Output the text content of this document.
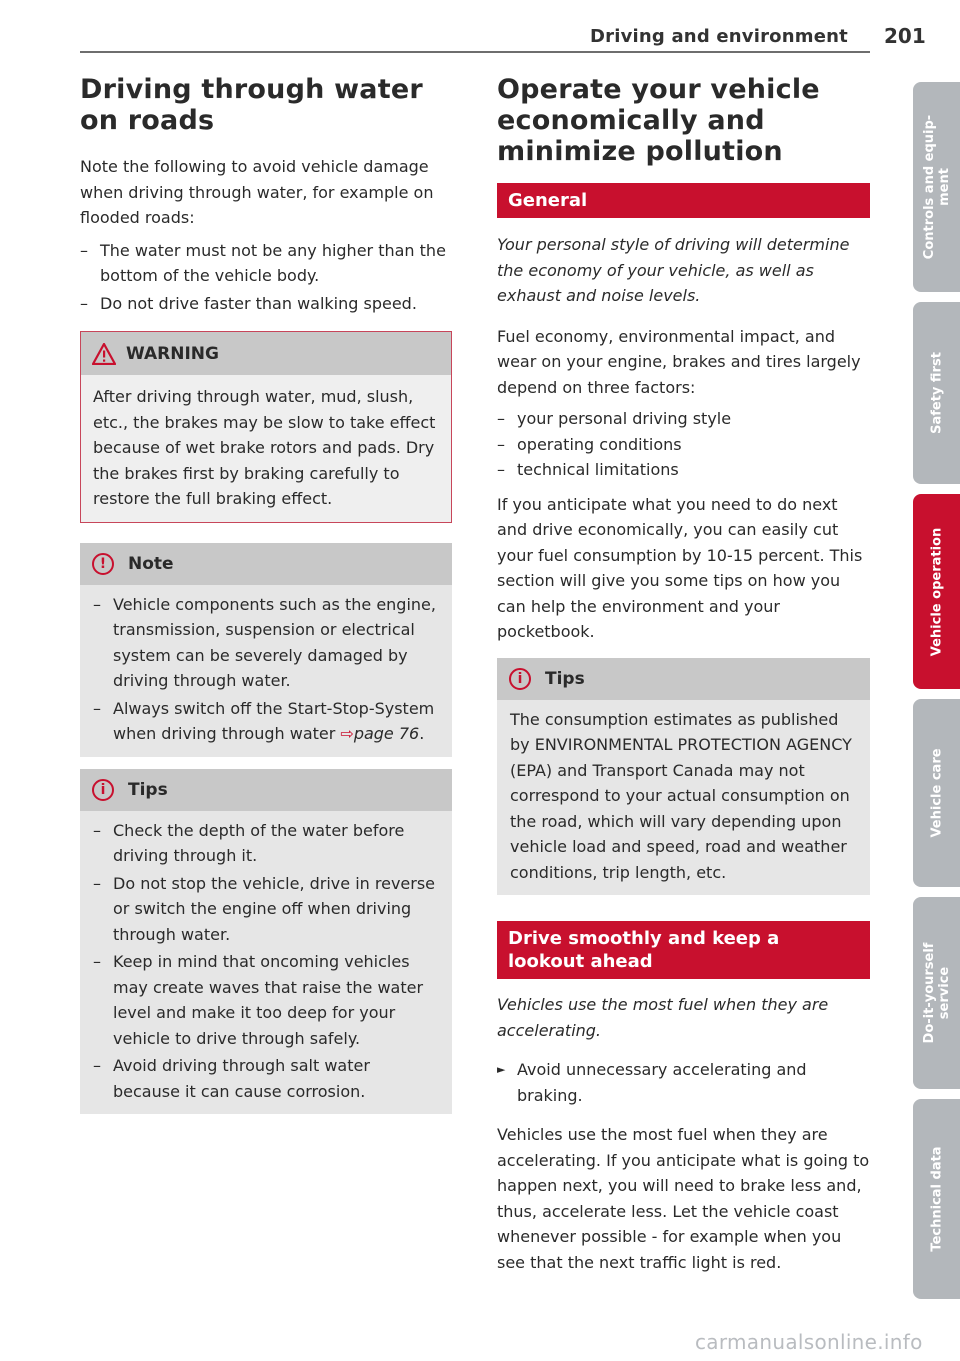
Driving and environment 201
Driving through water on roads

Note the following to avoid vehicle damage when driving through water, for example on flooded roads:

– The water must not be any higher than the bottom of the vehicle body.
– Do not drive faster than walking speed.
WARNING

After driving through water, mud, slush, etc., the brakes may be slow to take effect because of wet brake rotors and pads. Dry the brakes first by braking carefully to restore the full braking effect.

!	Note
– Vehicle components such as the engine, transmission, suspension or electrical system can be severely damaged by driving through water.
– Always switch off the Start-Stop-System when driving through water ⇨page 76.
i	Tips
– Check the depth of the water before driving through it.
– Do not stop the vehicle, drive in reverse or switch the engine off when driving through water.
– Keep in mind that oncoming vehicles may create waves that raise the water level and make it too deep for your vehicle to drive through safely.
– Avoid driving through salt water because it can cause corrosion.
Operate your vehicle economically and minimize pollution
General

Your personal style of driving will determine the economy of your vehicle, as well as exhaust and noise levels.

Fuel economy, environmental impact, and wear on your engine, brakes and tires largely depend on three factors:

– your personal driving style
– operating conditions
– technical limitations

If you anticipate what you need to do next and drive economically, you can easily cut your fuel consumption by 10-15 percent. This section will give you some tips on how you can help the environment and your pocketbook.

i	Tips

The consumption estimates as published by ENVIRONMENTAL PROTECTION AGENCY (EPA) and Transport Canada may not correspond to your actual consumption on the road, which will vary depending upon vehicle load and speed, road and weather conditions, trip length, etc.

Drive smoothly and keep a lookout ahead

Vehicles use the most fuel when they are accelerating.

► Avoid unnecessary accelerating and braking.

Vehicles use the most fuel when they are accelerating. If you anticipate what is going to happen next, you will need to brake less and, thus, accelerate less. Let the vehicle coast whenever possible - for example when you see that the next traffic light is red.

Controls and equip-
ment
Safety first
Vehicle operation
Vehicle care
Do-it-yourself
service
Technical data
carmanualsonline.info
